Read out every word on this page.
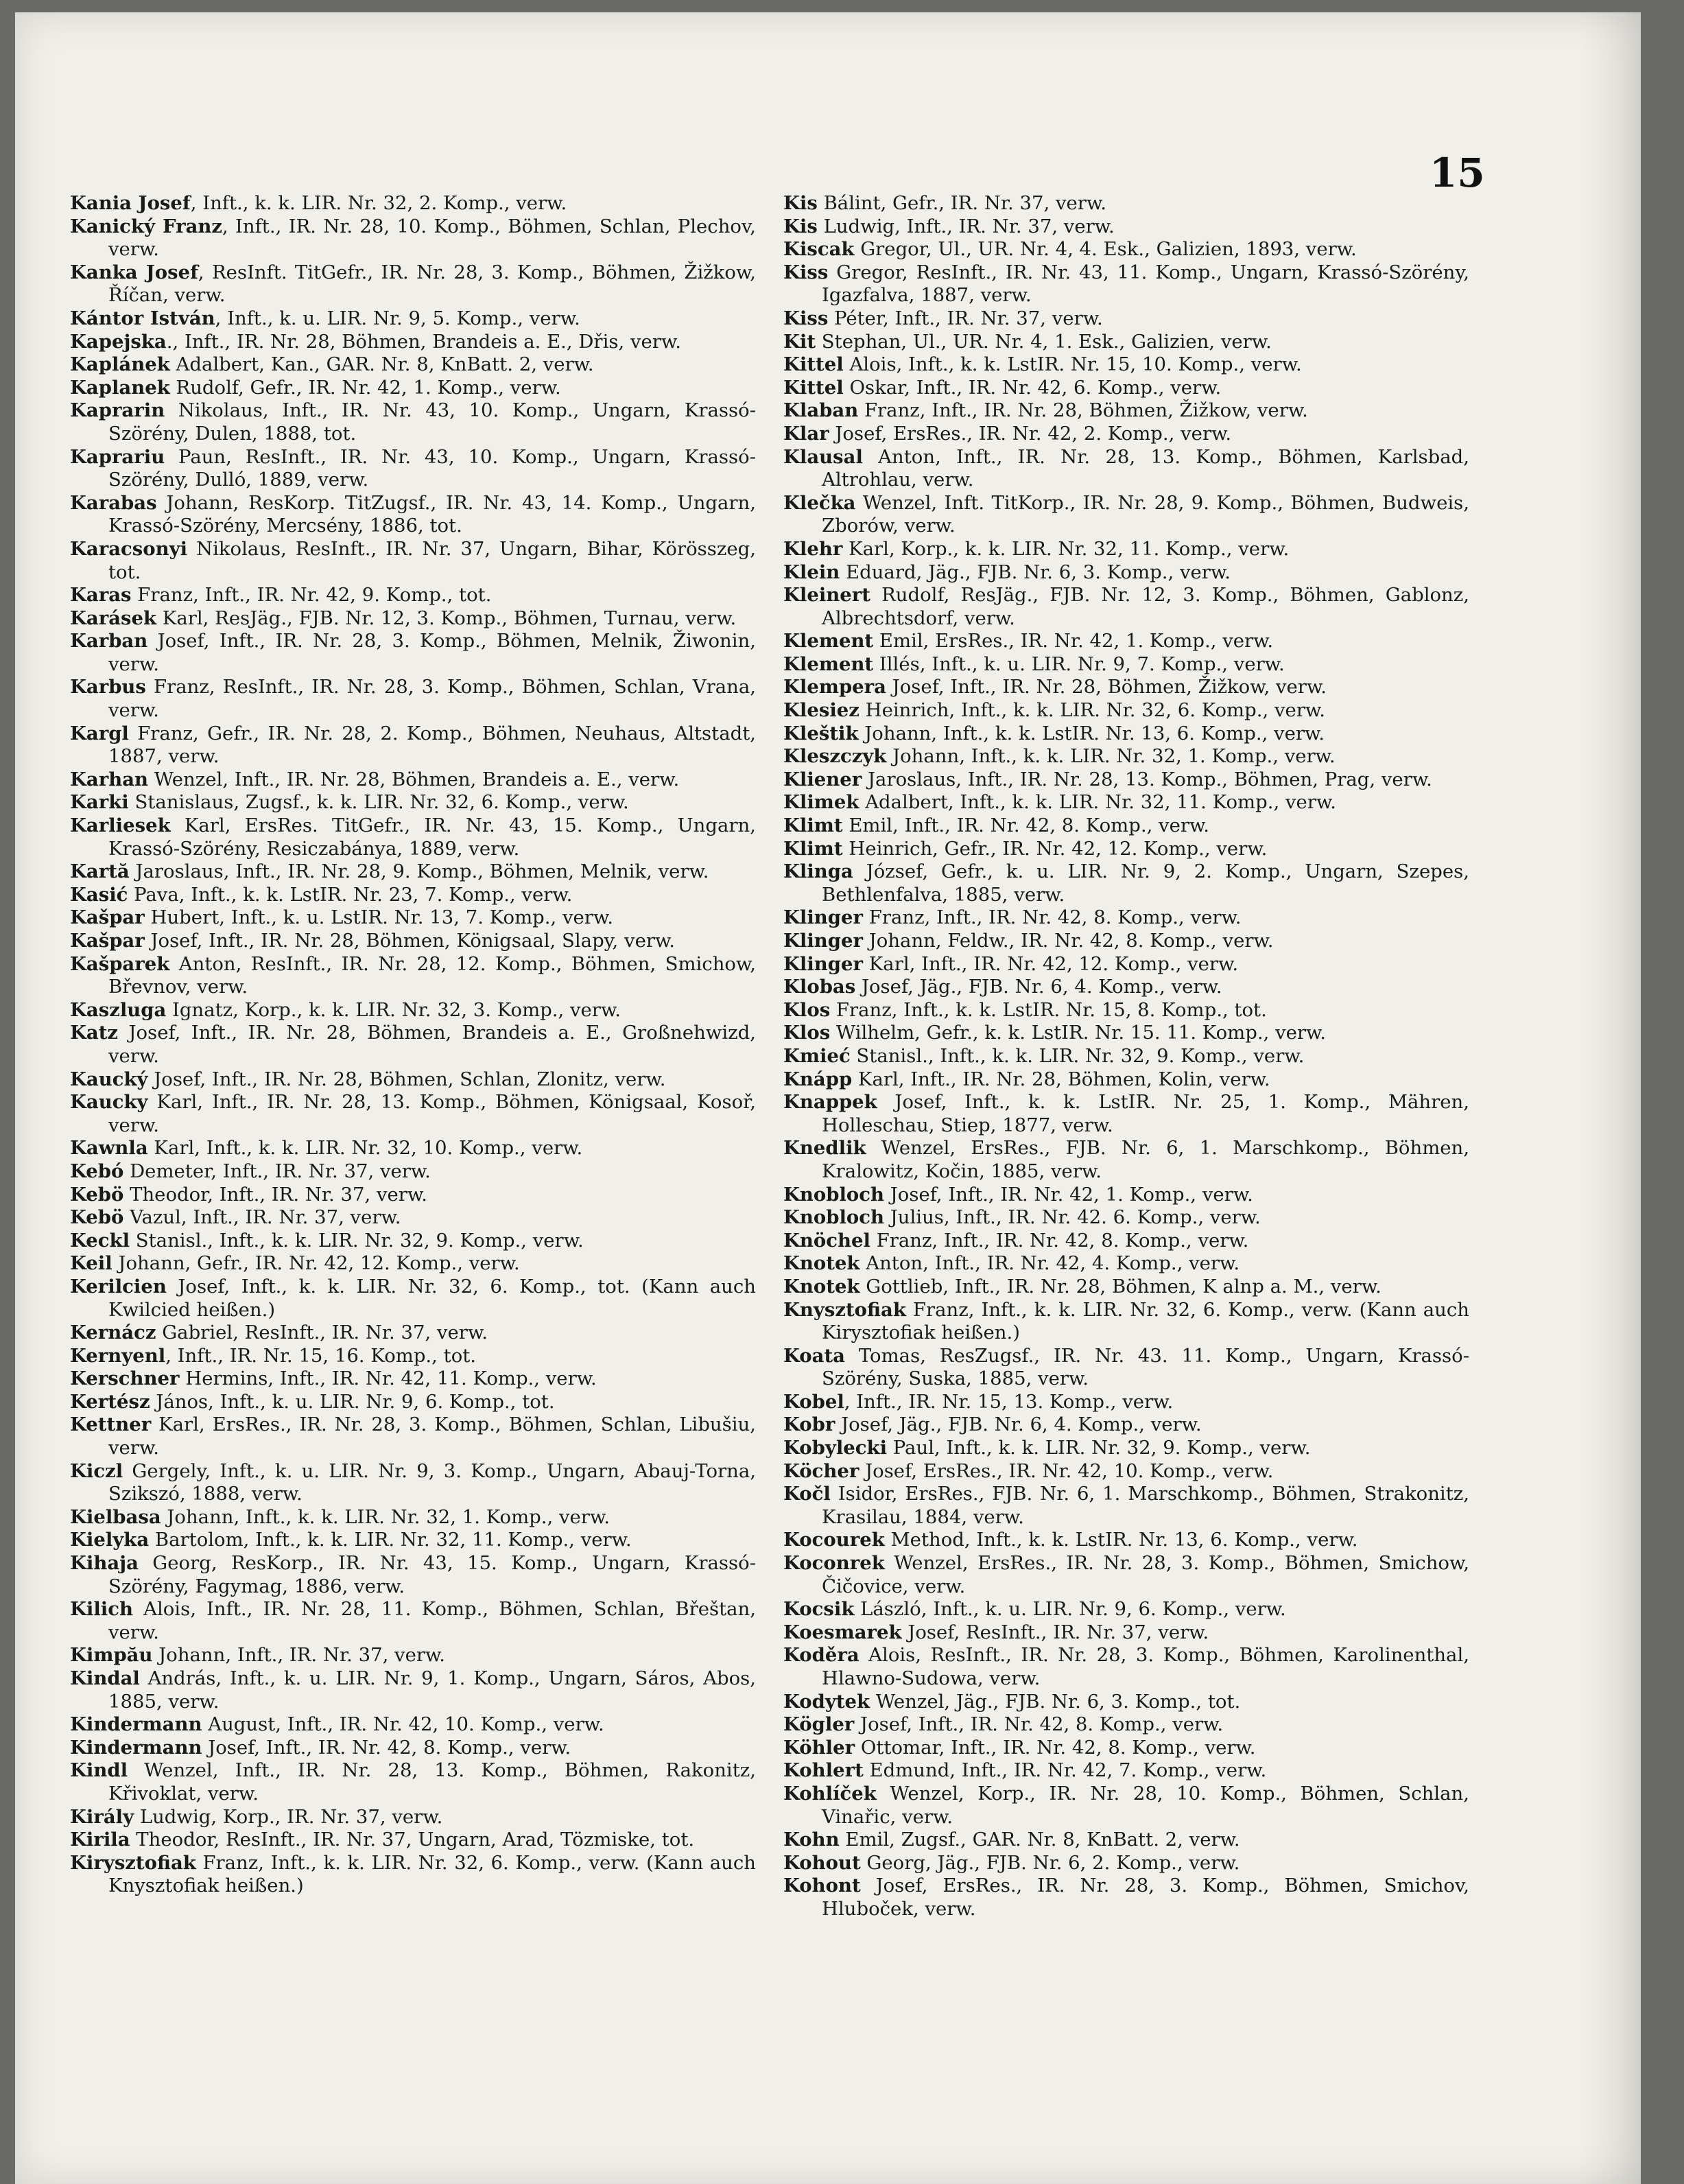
15

Kania Josef, Inft., k. k. LIR. Nr. 32, 2. Komp., verw.

Kanický Franz, Inft., IR. Nr. 28, 10. Komp., Böhmen, Schlan, Plechov, verw.

Kanka Josef, ResInft. TitGefr., IR. Nr. 28, 3. Komp., Böhmen, Žižkow, Říčan, verw.

Kántor István, Inft., k. u. LIR. Nr. 9, 5. Komp., verw.

Kapejska., Inft., IR. Nr. 28, Böhmen, Brandeis a. E., Dřis, verw.

Kaplánek Adalbert, Kan., GAR. Nr. 8, KnBatt. 2, verw.

Kaplanek Rudolf, Gefr., IR. Nr. 42, 1. Komp., verw.

Kaprarin Nikolaus, Inft., IR. Nr. 43, 10. Komp., Ungarn, Krassó-Szörény, Dulen, 1888, tot.

Kaprariu Paun, ResInft., IR. Nr. 43, 10. Komp., Ungarn, Krassó-Szörény, Dulló, 1889, verw.

Karabas Johann, ResKorp. TitZugsf., IR. Nr. 43, 14. Komp., Ungarn, Krassó-Szörény, Mercsény, 1886, tot.

Karacsonyi Nikolaus, ResInft., IR. Nr. 37, Ungarn, Bihar, Körösszeg, tot.

Karas Franz, Inft., IR. Nr. 42, 9. Komp., tot.

Karásek Karl, ResJäg., FJB. Nr. 12, 3. Komp., Böhmen, Turnau, verw.

Karban Josef, Inft., IR. Nr. 28, 3. Komp., Böhmen, Melnik, Žiwonin, verw.

Karbus Franz, ResInft., IR. Nr. 28, 3. Komp., Böhmen, Schlan, Vrana, verw.

Kargl Franz, Gefr., IR. Nr. 28, 2. Komp., Böhmen, Neuhaus, Altstadt, 1887, verw.

Karhan Wenzel, Inft., IR. Nr. 28, Böhmen, Brandeis a. E., verw.

Karki Stanislaus, Zugsf., k. k. LIR. Nr. 32, 6. Komp., verw.

Karliesek Karl, ErsRes. TitGefr., IR. Nr. 43, 15. Komp., Ungarn, Krassó-Szörény, Resiczabánya, 1889, verw.

Kartă Jaroslaus, Inft., IR. Nr. 28, 9. Komp., Böhmen, Melnik, verw.

Kasić Pava, Inft., k. k. LstIR. Nr. 23, 7. Komp., verw.

Kašpar Hubert, Inft., k. u. LstIR. Nr. 13, 7. Komp., verw.

Kašpar Josef, Inft., IR. Nr. 28, Böhmen, Königsaal, Slapy, verw.

Kašparek Anton, ResInft., IR. Nr. 28, 12. Komp., Böhmen, Smichow, Břevnov, verw.

Kaszluga Ignatz, Korp., k. k. LIR. Nr. 32, 3. Komp., verw.

Katz Josef, Inft., IR. Nr. 28, Böhmen, Brandeis a. E., Großnehwizd, verw.

Kaucký Josef, Inft., IR. Nr. 28, Böhmen, Schlan, Zlonitz, verw.

Kaucky Karl, Inft., IR. Nr. 28, 13. Komp., Böhmen, Königsaal, Kosoř, verw.

Kawnla Karl, Inft., k. k. LIR. Nr. 32, 10. Komp., verw.

Kebó Demeter, Inft., IR. Nr. 37, verw.

Kebö Theodor, Inft., IR. Nr. 37, verw.

Kebö Vazul, Inft., IR. Nr. 37, verw.

Keckl Stanisl., Inft., k. k. LIR. Nr. 32, 9. Komp., verw.

Keil Johann, Gefr., IR. Nr. 42, 12. Komp., verw.

Kerilcien Josef, Inft., k. k. LIR. Nr. 32, 6. Komp., tot. (Kann auch Kwilcied heißen.)

Kernácz Gabriel, ResInft., IR. Nr. 37, verw.

Kernyenl, Inft., IR. Nr. 15, 16. Komp., tot.

Kerschner Hermins, Inft., IR. Nr. 42, 11. Komp., verw.

Kertész János, Inft., k. u. LIR. Nr. 9, 6. Komp., tot.

Kettner Karl, ErsRes., IR. Nr. 28, 3. Komp., Böhmen, Schlan, Libušiu, verw.

Kiczl Gergely, Inft., k. u. LIR. Nr. 9, 3. Komp., Ungarn, Abauj-Torna, Szikszó, 1888, verw.

Kielbasa Johann, Inft., k. k. LIR. Nr. 32, 1. Komp., verw.

Kielyka Bartolom, Inft., k. k. LIR. Nr. 32, 11. Komp., verw.

Kihaja Georg, ResKorp., IR. Nr. 43, 15. Komp., Ungarn, Krassó-Szörény, Fagymag, 1886, verw.

Kilich Alois, Inft., IR. Nr. 28, 11. Komp., Böhmen, Schlan, Břeštan, verw.

Kimpău Johann, Inft., IR. Nr. 37, verw.

Kindal András, Inft., k. u. LIR. Nr. 9, 1. Komp., Ungarn, Sáros, Abos, 1885, verw.

Kindermann August, Inft., IR. Nr. 42, 10. Komp., verw.

Kindermann Josef, Inft., IR. Nr. 42, 8. Komp., verw.

Kindl Wenzel, Inft., IR. Nr. 28, 13. Komp., Böhmen, Rakonitz, Křivoklat, verw.

Király Ludwig, Korp., IR. Nr. 37, verw.

Kirila Theodor, ResInft., IR. Nr. 37, Ungarn, Arad, Tözmiske, tot.

Kirysztofiak Franz, Inft., k. k. LIR. Nr. 32, 6. Komp., verw. (Kann auch Knysztofiak heißen.)

Kis Bálint, Gefr., IR. Nr. 37, verw.

Kis Ludwig, Inft., IR. Nr. 37, verw.

Kiscak Gregor, Ul., UR. Nr. 4, 4. Esk., Galizien, 1893, verw.

Kiss Gregor, ResInft., IR. Nr. 43, 11. Komp., Ungarn, Krassó-Szörény, Igazfalva, 1887, verw.

Kiss Péter, Inft., IR. Nr. 37, verw.

Kit Stephan, Ul., UR. Nr. 4, 1. Esk., Galizien, verw.

Kittel Alois, Inft., k. k. LstIR. Nr. 15, 10. Komp., verw.

Kittel Oskar, Inft., IR. Nr. 42, 6. Komp., verw.

Klaban Franz, Inft., IR. Nr. 28, Böhmen, Žižkow, verw.

Klar Josef, ErsRes., IR. Nr. 42, 2. Komp., verw.

Klausal Anton, Inft., IR. Nr. 28, 13. Komp., Böhmen, Karlsbad, Altrohlau, verw.

Klečka Wenzel, Inft. TitKorp., IR. Nr. 28, 9. Komp., Böhmen, Budweis, Zborów, verw.

Klehr Karl, Korp., k. k. LIR. Nr. 32, 11. Komp., verw.

Klein Eduard, Jäg., FJB. Nr. 6, 3. Komp., verw.

Kleinert Rudolf, ResJäg., FJB. Nr. 12, 3. Komp., Böhmen, Gablonz, Albrechtsdorf, verw.

Klement Emil, ErsRes., IR. Nr. 42, 1. Komp., verw.

Klement Illés, Inft., k. u. LIR. Nr. 9, 7. Komp., verw.

Klempera Josef, Inft., IR. Nr. 28, Böhmen, Žižkow, verw.

Klesiez Heinrich, Inft., k. k. LIR. Nr. 32, 6. Komp., verw.

Kleštik Johann, Inft., k. k. LstIR. Nr. 13, 6. Komp., verw.

Kleszczyk Johann, Inft., k. k. LIR. Nr. 32, 1. Komp., verw.

Kliener Jaroslaus, Inft., IR. Nr. 28, 13. Komp., Böhmen, Prag, verw.

Klimek Adalbert, Inft., k. k. LIR. Nr. 32, 11. Komp., verw.

Klimt Emil, Inft., IR. Nr. 42, 8. Komp., verw.

Klimt Heinrich, Gefr., IR. Nr. 42, 12. Komp., verw.

Klinga József, Gefr., k. u. LIR. Nr. 9, 2. Komp., Ungarn, Szepes, Bethlenfalva, 1885, verw.

Klinger Franz, Inft., IR. Nr. 42, 8. Komp., verw.

Klinger Johann, Feldw., IR. Nr. 42, 8. Komp., verw.

Klinger Karl, Inft., IR. Nr. 42, 12. Komp., verw.

Klobas Josef, Jäg., FJB. Nr. 6, 4. Komp., verw.

Klos Franz, Inft., k. k. LstIR. Nr. 15, 8. Komp., tot.

Klos Wilhelm, Gefr., k. k. LstIR. Nr. 15. 11. Komp., verw.

Kmieć Stanisl., Inft., k. k. LIR. Nr. 32, 9. Komp., verw.

Knápp Karl, Inft., IR. Nr. 28, Böhmen, Kolin, verw.

Knappek Josef, Inft., k. k. LstIR. Nr. 25, 1. Komp., Mähren, Holleschau, Stiep, 1877, verw.

Knedlik Wenzel, ErsRes., FJB. Nr. 6, 1. Marschkomp., Böhmen, Kralowitz, Kočin, 1885, verw.

Knobloch Josef, Inft., IR. Nr. 42, 1. Komp., verw.

Knobloch Julius, Inft., IR. Nr. 42. 6. Komp., verw.

Knöchel Franz, Inft., IR. Nr. 42, 8. Komp., verw.

Knotek Anton, Inft., IR. Nr. 42, 4. Komp., verw.

Knotek Gottlieb, Inft., IR. Nr. 28, Böhmen, K alnp a. M., verw.

Knysztofiak Franz, Inft., k. k. LIR. Nr. 32, 6. Komp., verw. (Kann auch Kirysztofiak heißen.)

Koata Tomas, ResZugsf., IR. Nr. 43. 11. Komp., Ungarn, Krassó-Szörény, Suska, 1885, verw.

Kobel, Inft., IR. Nr. 15, 13. Komp., verw.

Kobr Josef, Jäg., FJB. Nr. 6, 4. Komp., verw.

Kobylecki Paul, Inft., k. k. LIR. Nr. 32, 9. Komp., verw.

Köcher Josef, ErsRes., IR. Nr. 42, 10. Komp., verw.

Kočl Isidor, ErsRes., FJB. Nr. 6, 1. Marschkomp., Böhmen, Strakonitz, Krasilau, 1884, verw.

Kocourek Method, Inft., k. k. LstIR. Nr. 13, 6. Komp., verw.

Koconrek Wenzel, ErsRes., IR. Nr. 28, 3. Komp., Böhmen, Smichow, Čičovice, verw.

Kocsik László, Inft., k. u. LIR. Nr. 9, 6. Komp., verw.

Koesmarek Josef, ResInft., IR. Nr. 37, verw.

Koděra Alois, ResInft., IR. Nr. 28, 3. Komp., Böhmen, Karolinenthal, Hlawno-Sudowa, verw.

Kodytek Wenzel, Jäg., FJB. Nr. 6, 3. Komp., tot.

Kögler Josef, Inft., IR. Nr. 42, 8. Komp., verw.

Köhler Ottomar, Inft., IR. Nr. 42, 8. Komp., verw.

Kohlert Edmund, Inft., IR. Nr. 42, 7. Komp., verw.

Kohlíček Wenzel, Korp., IR. Nr. 28, 10. Komp., Böhmen, Schlan, Vinařic, verw.

Kohn Emil, Zugsf., GAR. Nr. 8, KnBatt. 2, verw.

Kohout Georg, Jäg., FJB. Nr. 6, 2. Komp., verw.

Kohont Josef, ErsRes., IR. Nr. 28, 3. Komp., Böhmen, Smichov, Hluboček, verw.
